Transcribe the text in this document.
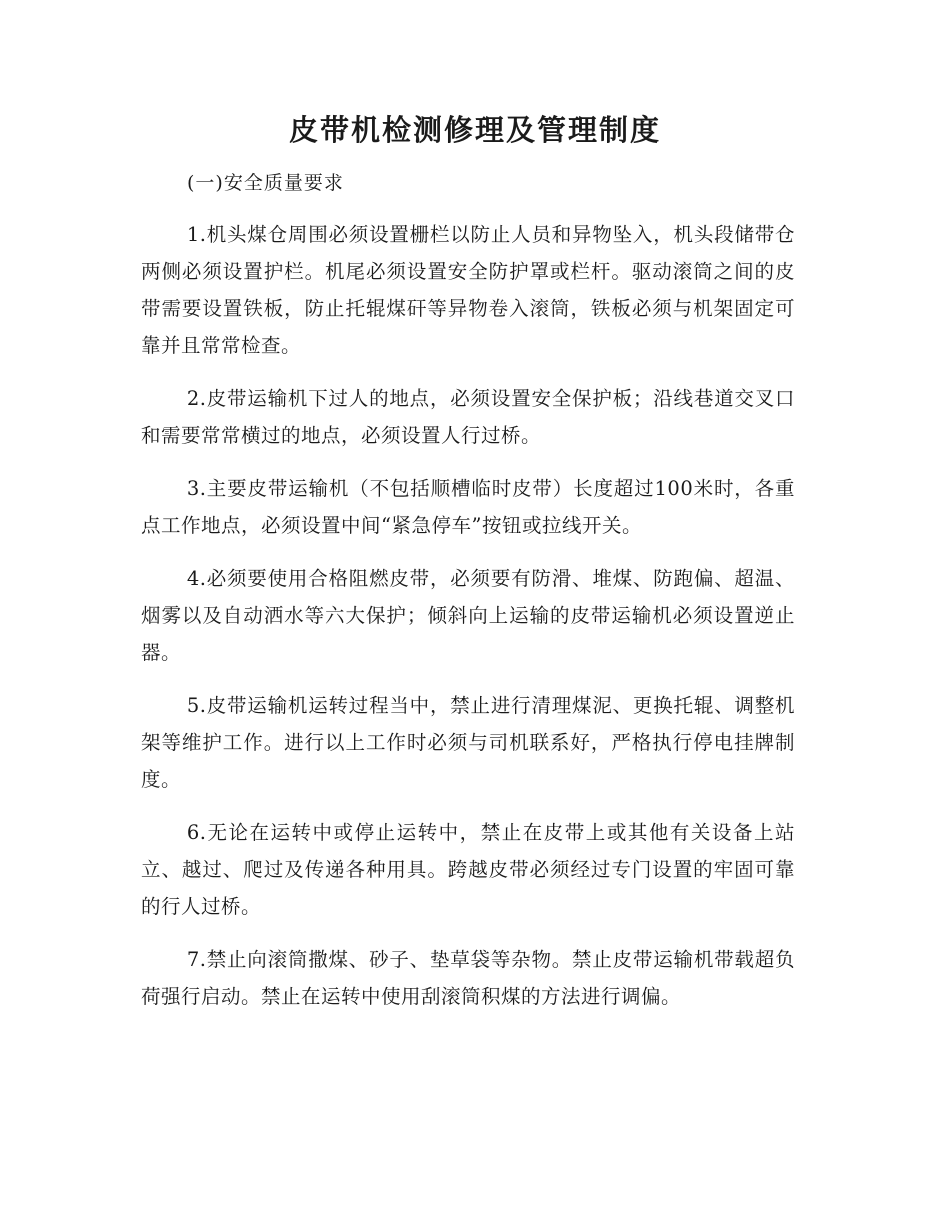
皮带机检测修理及管理制度

(一)安全质量要求

1.机头煤仓周围必须设置栅栏以防止人员和异物坠入，机头段储带仓两侧必须设置护栏。机尾必须设置安全防护罩或栏杆。驱动滚筒之间的皮带需要设置铁板，防止托辊煤矸等异物卷入滚筒，铁板必须与机架固定可靠并且常常检查。

2.皮带运输机下过人的地点，必须设置安全保护板；沿线巷道交叉口和需要常常横过的地点，必须设置人行过桥。

3.主要皮带运输机（不包括顺槽临时皮带）长度超过100米时，各重点工作地点，必须设置中间“紧急停车”按钮或拉线开关。

4.必须要使用合格阻燃皮带，必须要有防滑、堆煤、防跑偏、超温、烟雾以及自动洒水等六大保护；倾斜向上运输的皮带运输机必须设置逆止器。

5.皮带运输机运转过程当中，禁止进行清理煤泥、更换托辊、调整机架等维护工作。进行以上工作时必须与司机联系好，严格执行停电挂牌制度。

6.无论在运转中或停止运转中，禁止在皮带上或其他有关设备上站立、越过、爬过及传递各种用具。跨越皮带必须经过专门设置的牢固可靠的行人过桥。

7.禁止向滚筒撒煤、砂子、垫草袋等杂物。禁止皮带运输机带载超负荷强行启动。禁止在运转中使用刮滚筒积煤的方法进行调偏。
